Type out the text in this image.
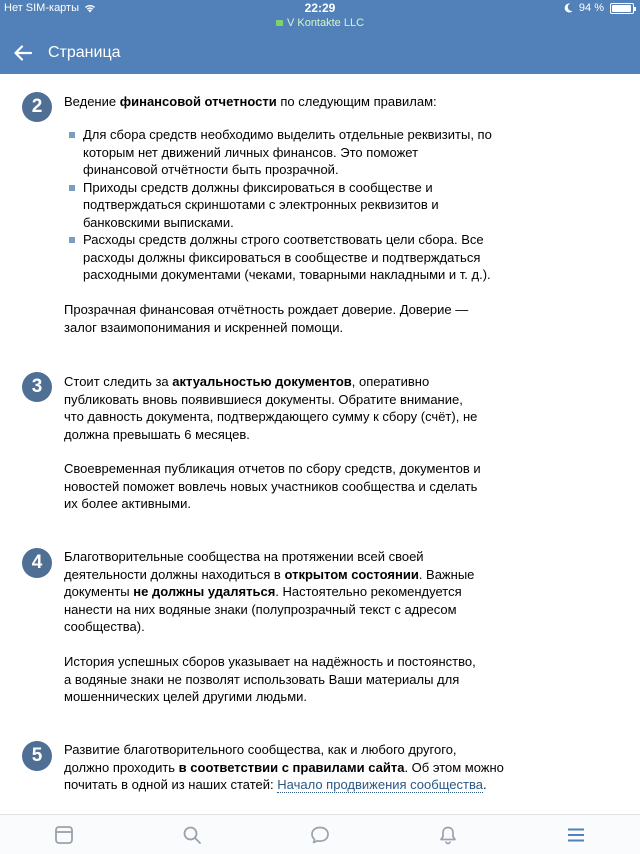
Нет SIM-карты	22:29	94 %
V Kontakte LLC
Страница
2	Ведение финансовой отчетности по следующим правилам:
Для сбора средств необходимо выделить отдельные реквизиты, по которым нет движений личных финансов. Это поможет финансовой отчётности быть прозрачной.
Приходы средств должны фиксироваться в сообществе и подтверждаться скриншотами с электронных реквизитов и банковскими выписками.
Расходы средств должны строго соответствовать цели сбора. Все расходы должны фиксироваться в сообществе и подтверждаться расходными документами (чеками, товарными накладными и т. д.).
Прозрачная финансовая отчётность рождает доверие. Доверие — залог взаимопонимания и искренней помощи.
3	Стоит следить за актуальностью документов, оперативно публиковать вновь появившиеся документы. Обратите внимание, что давность документа, подтверждающего сумму к сбору (счёт), не должна превышать 6 месяцев.
Своевременная публикация отчетов по сбору средств, документов и новостей поможет вовлечь новых участников сообщества и сделать их более активными.
4	Благотворительные сообщества на протяжении всей своей деятельности должны находиться в открытом состоянии. Важные документы не должны удаляться. Настоятельно рекомендуется нанести на них водяные знаки (полупрозрачный текст с адресом сообщества).
История успешных сборов указывает на надёжность и постоянство, а водяные знаки не позволят использовать Ваши материалы для мошеннических целей другими людьми.
5	Развитие благотворительного сообщества, как и любого другого, должно проходить в соответствии с правилами сайта. Об этом можно почитать в одной из наших статей: Начало продвижения сообщества.
